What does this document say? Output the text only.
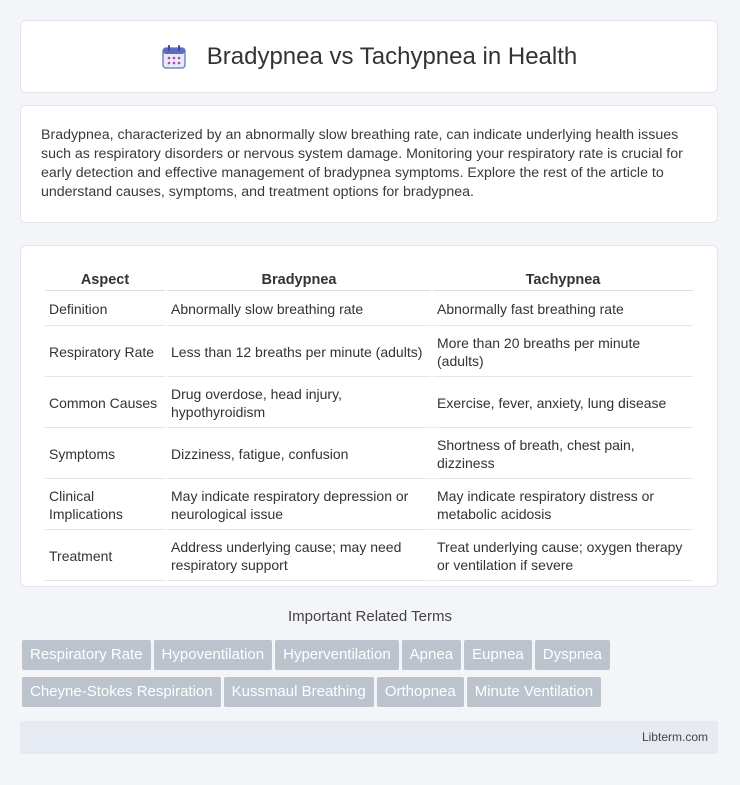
Bradypnea vs Tachypnea in Health

Bradypnea, characterized by an abnormally slow breathing rate, can indicate underlying health issues such as respiratory disorders or nervous system damage. Monitoring your respiratory rate is crucial for early detection and effective management of bradypnea symptoms. Explore the rest of the article to understand causes, symptoms, and treatment options for bradypnea.

Aspect	Bradypnea	Tachypnea
Definition	Abnormally slow breathing rate	Abnormally fast breathing rate
Respiratory Rate	Less than 12 breaths per minute (adults)	More than 20 breaths per minute (adults)
Common Causes	Drug overdose, head injury, hypothyroidism	Exercise, fever, anxiety, lung disease
Symptoms	Dizziness, fatigue, confusion	Shortness of breath, chest pain, dizziness
Clinical Implications	May indicate respiratory depression or neurological issue	May indicate respiratory distress or metabolic acidosis
Treatment	Address underlying cause; may need respiratory support	Treat underlying cause; oxygen therapy or ventilation if severe
Important Related Terms
Respiratory Rate Hypoventilation Hyperventilation Apnea Eupnea Dyspnea
Cheyne-Stokes Respiration Kussmaul Breathing Orthopnea Minute Ventilation
Libterm.com
